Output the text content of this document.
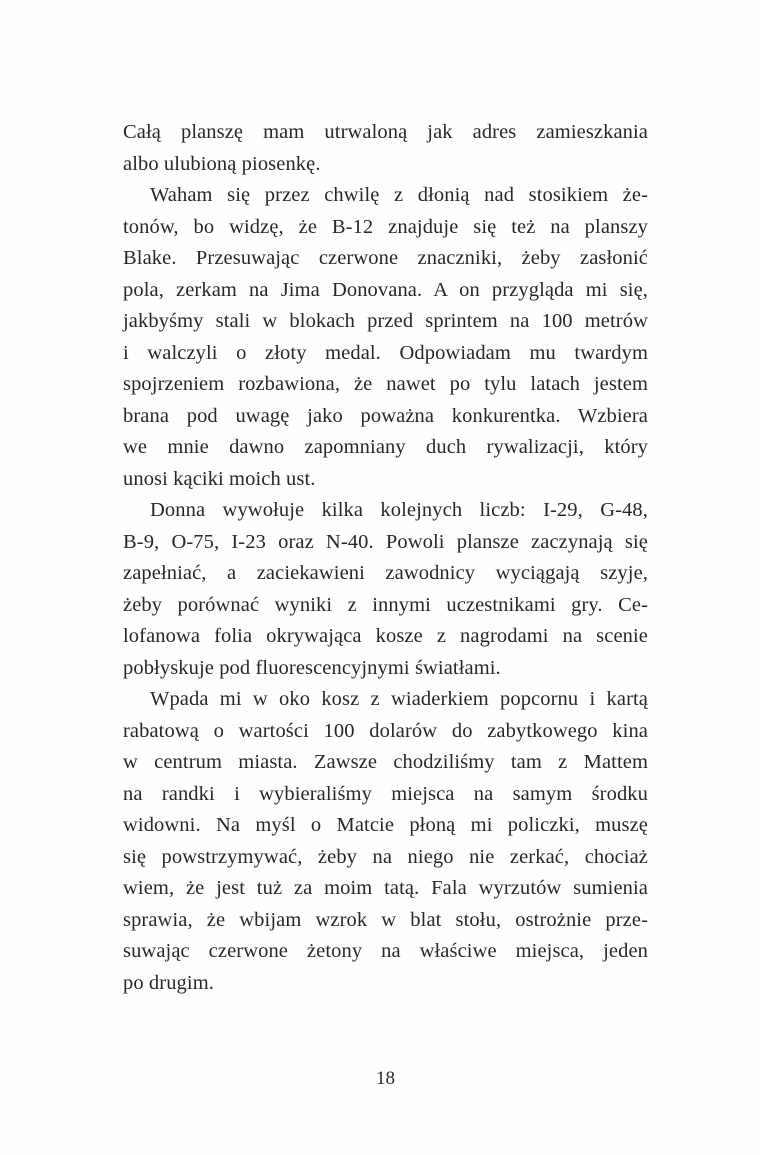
Całą planszę mam utrwaloną jak adres zamieszkania
albo ulubioną piosenkę.
Waham się przez chwilę z dłonią nad stosikiem że-
tonów, bo widzę, że B-12 znajduje się też na planszy
Blake. Przesuwając czerwone znaczniki, żeby zasłonić
pola, zerkam na Jima Donovana. A on przygląda mi się,
jakbyśmy stali w blokach przed sprintem na 100 metrów
i walczyli o złoty medal. Odpowiadam mu twardym
spojrzeniem rozbawiona, że nawet po tylu latach jestem
brana pod uwagę jako poważna konkurentka. Wzbiera
we mnie dawno zapomniany duch rywalizacji, który
unosi kąciki moich ust.
Donna wywołuje kilka kolejnych liczb: I-29, G-48,
B-9, O-75, I-23 oraz N-40. Powoli plansze zaczynają się
zapełniać, a zaciekawieni zawodnicy wyciągają szyje,
żeby porównać wyniki z innymi uczestnikami gry. Ce-
lofanowa folia okrywająca kosze z nagrodami na scenie
pobłyskuje pod fluorescencyjnymi światłami.
Wpada mi w oko kosz z wiaderkiem popcornu i kartą
rabatową o wartości 100 dolarów do zabytkowego kina
w centrum miasta. Zawsze chodziliśmy tam z Mattem
na randki i wybieraliśmy miejsca na samym środku
widowni. Na myśl o Matcie płoną mi policzki, muszę
się powstrzymywać, żeby na niego nie zerkać, chociaż
wiem, że jest tuż za moim tatą. Fala wyrzutów sumienia
sprawia, że wbijam wzrok w blat stołu, ostrożnie prze-
suwając czerwone żetony na właściwe miejsca, jeden
po drugim.
18
